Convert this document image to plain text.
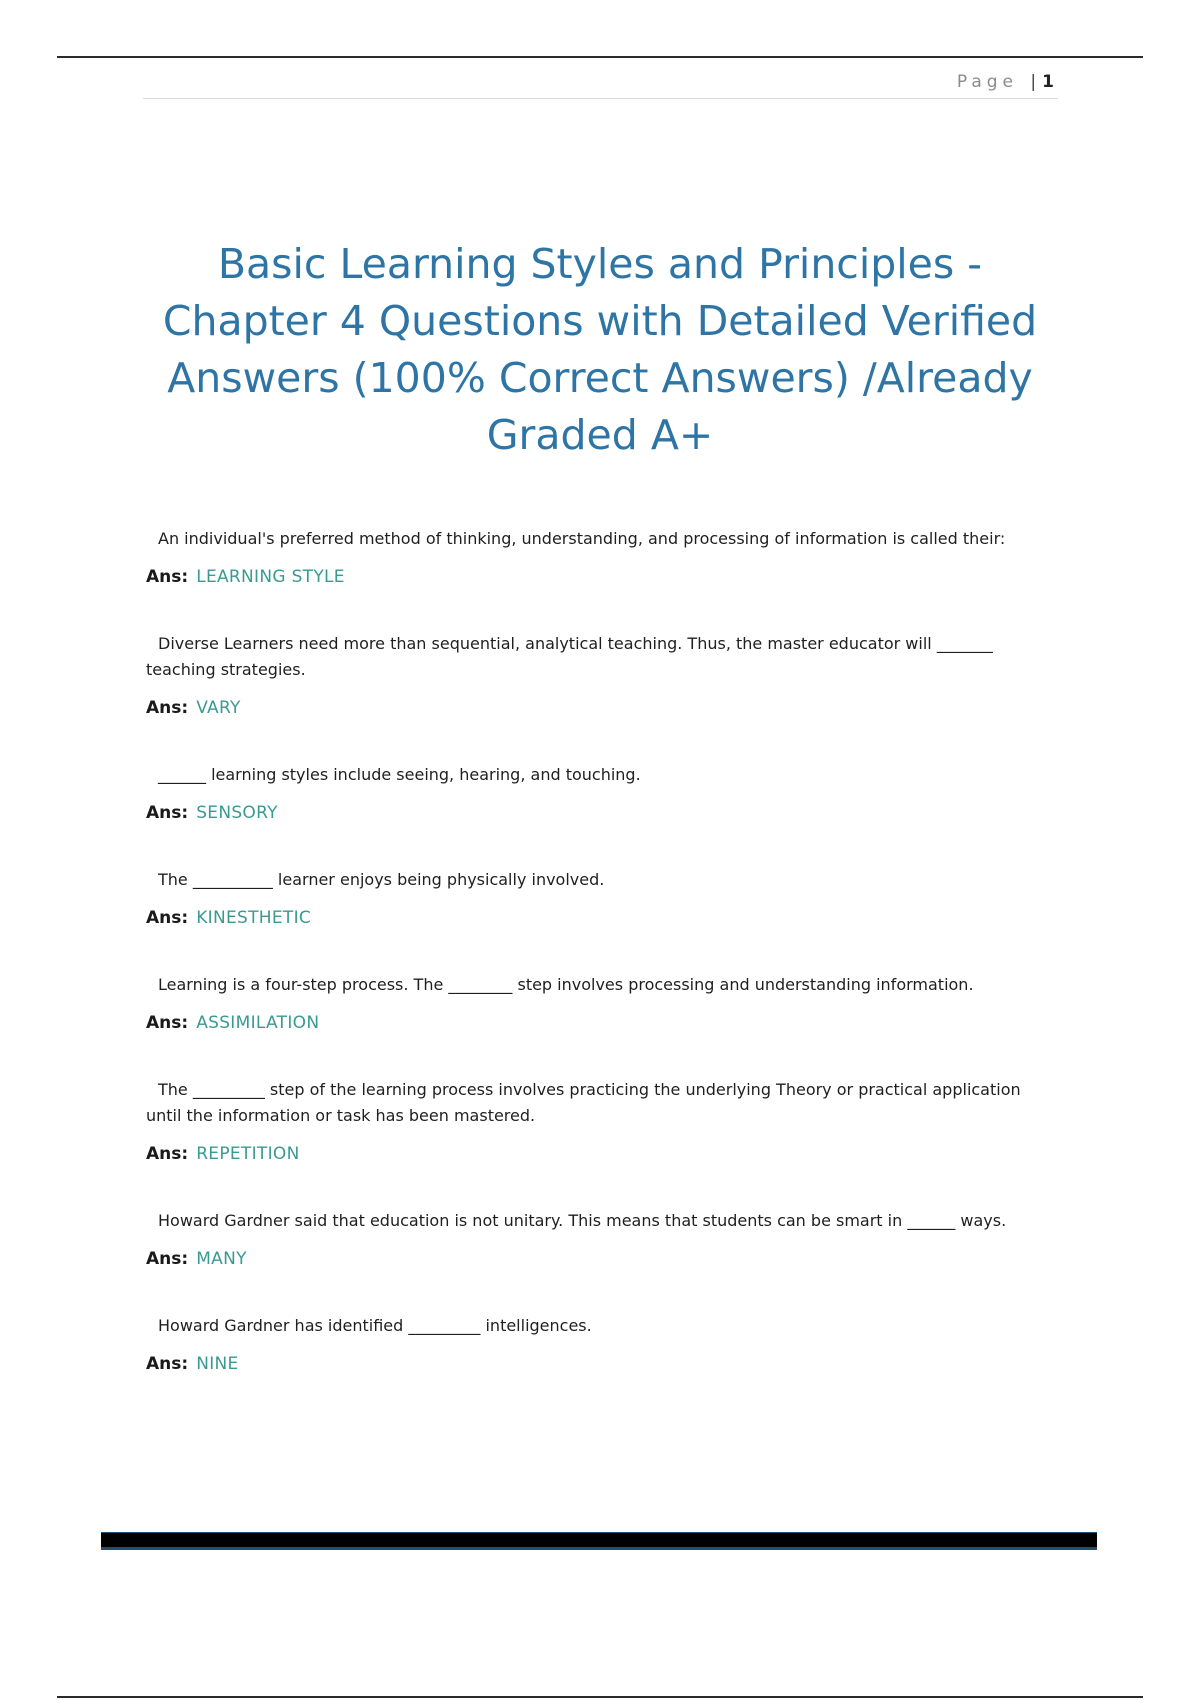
Page | 1
Basic Learning Styles and Principles - Chapter 4 Questions with Detailed Verified Answers (100% Correct Answers) /Already Graded A+

An individual's preferred method of thinking, understanding, and processing of information is called their:

Ans: LEARNING STYLE

Diverse Learners need more than sequential, analytical teaching. Thus, the master educator will _______ teaching strategies.

Ans: VARY

______ learning styles include seeing, hearing, and touching.

Ans: SENSORY

The __________ learner enjoys being physically involved.

Ans: KINESTHETIC

Learning is a four-step process. The ________ step involves processing and understanding information.

Ans: ASSIMILATION

The _________ step of the learning process involves practicing the underlying Theory or practical application until the information or task has been mastered.

Ans: REPETITION

Howard Gardner said that education is not unitary. This means that students can be smart in ______ ways.

Ans: MANY

Howard Gardner has identified _________ intelligences.

Ans: NINE
